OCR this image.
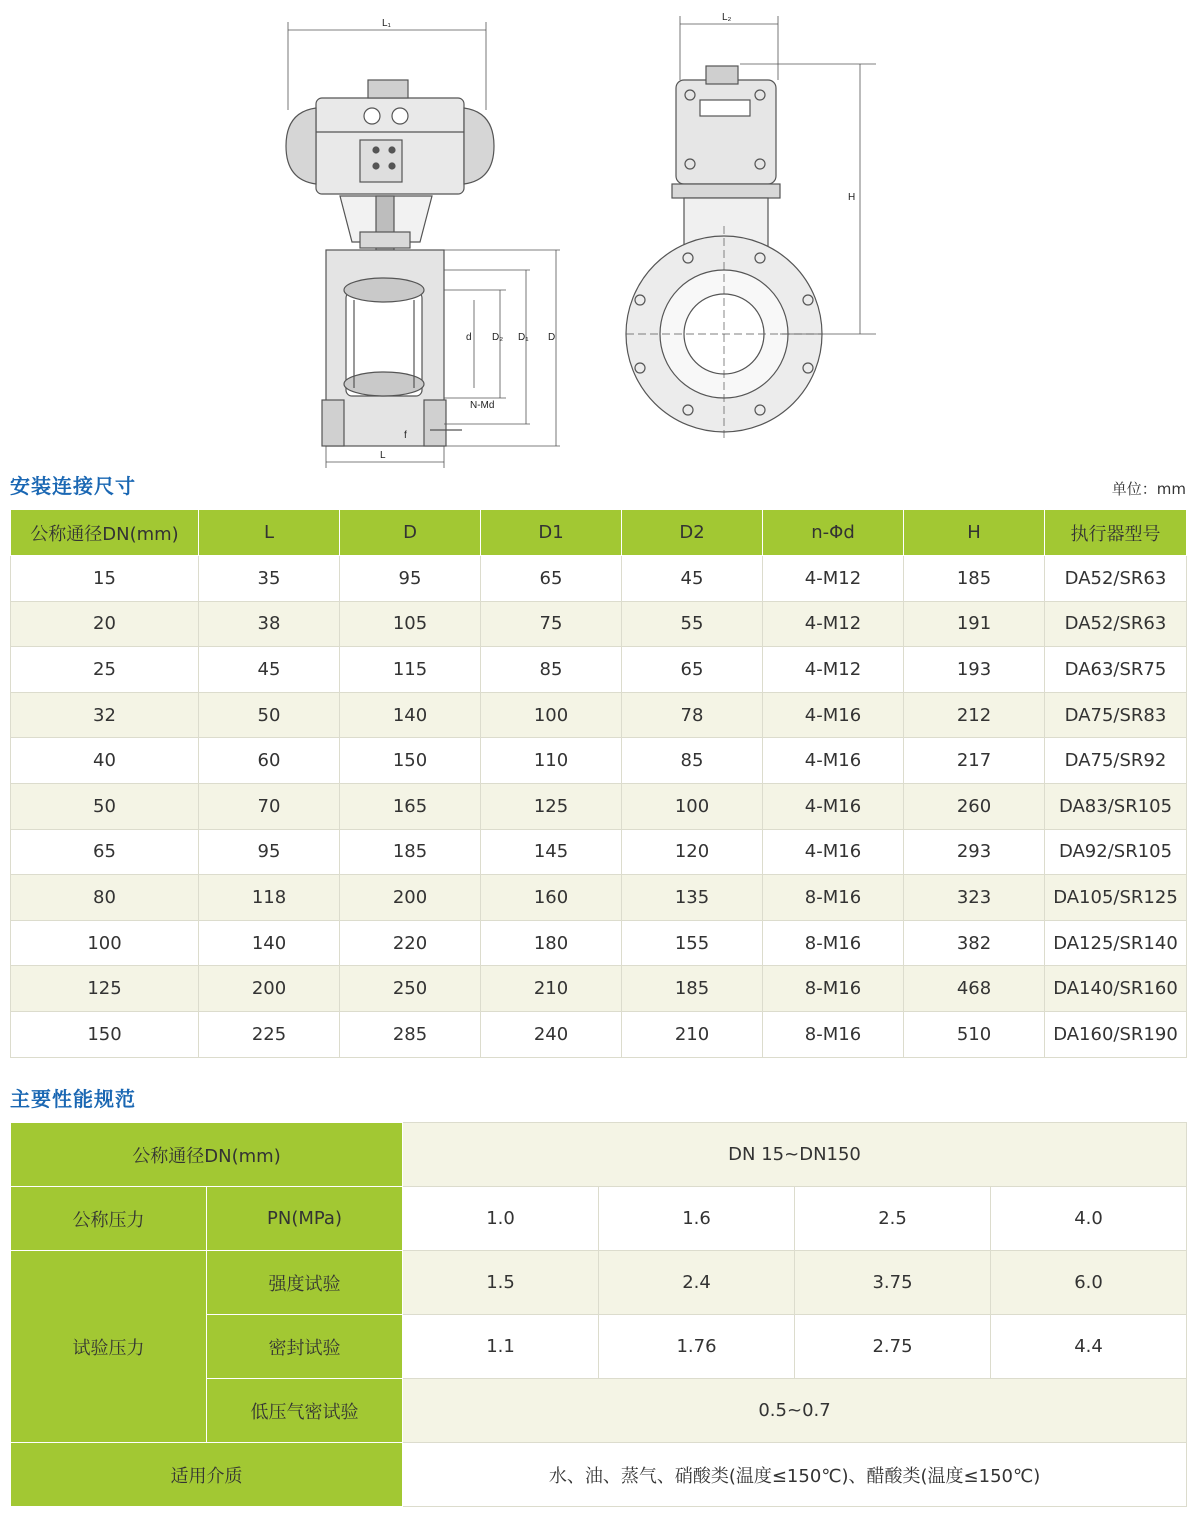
L₁
L
N-Md
f
d D₂ D₁ D
L₂
H
安装连接尺寸	单位：mm
公称通径DN(mm)	L	D	D1	D2	n-Φd	H	执行器型号
15	35	95	65	45	4-M12	185	DA52/SR63
20	38	105	75	55	4-M12	191	DA52/SR63
25	45	115	85	65	4-M12	193	DA63/SR75
32	50	140	100	78	4-M16	212	DA75/SR83
40	60	150	110	85	4-M16	217	DA75/SR92
50	70	165	125	100	4-M16	260	DA83/SR105
65	95	185	145	120	4-M16	293	DA92/SR105
80	118	200	160	135	8-M16	323	DA105/SR125
100	140	220	180	155	8-M16	382	DA125/SR140
125	200	250	210	185	8-M16	468	DA140/SR160
150	225	285	240	210	8-M16	510	DA160/SR190
主要性能规范
公称通径DN(mm)		DN 15~DN150			
公称压力	PN(MPa)	1.0	1.6	2.5	4.0
试验压力	强度试验	1.5	2.4	3.75	6.0
	密封试验	1.1	1.76	2.75	4.4
	低压气密试验	0.5~0.7			
适用介质		水、油、蒸气、硝酸类(温度≤150℃)、醋酸类(温度≤150℃)			
